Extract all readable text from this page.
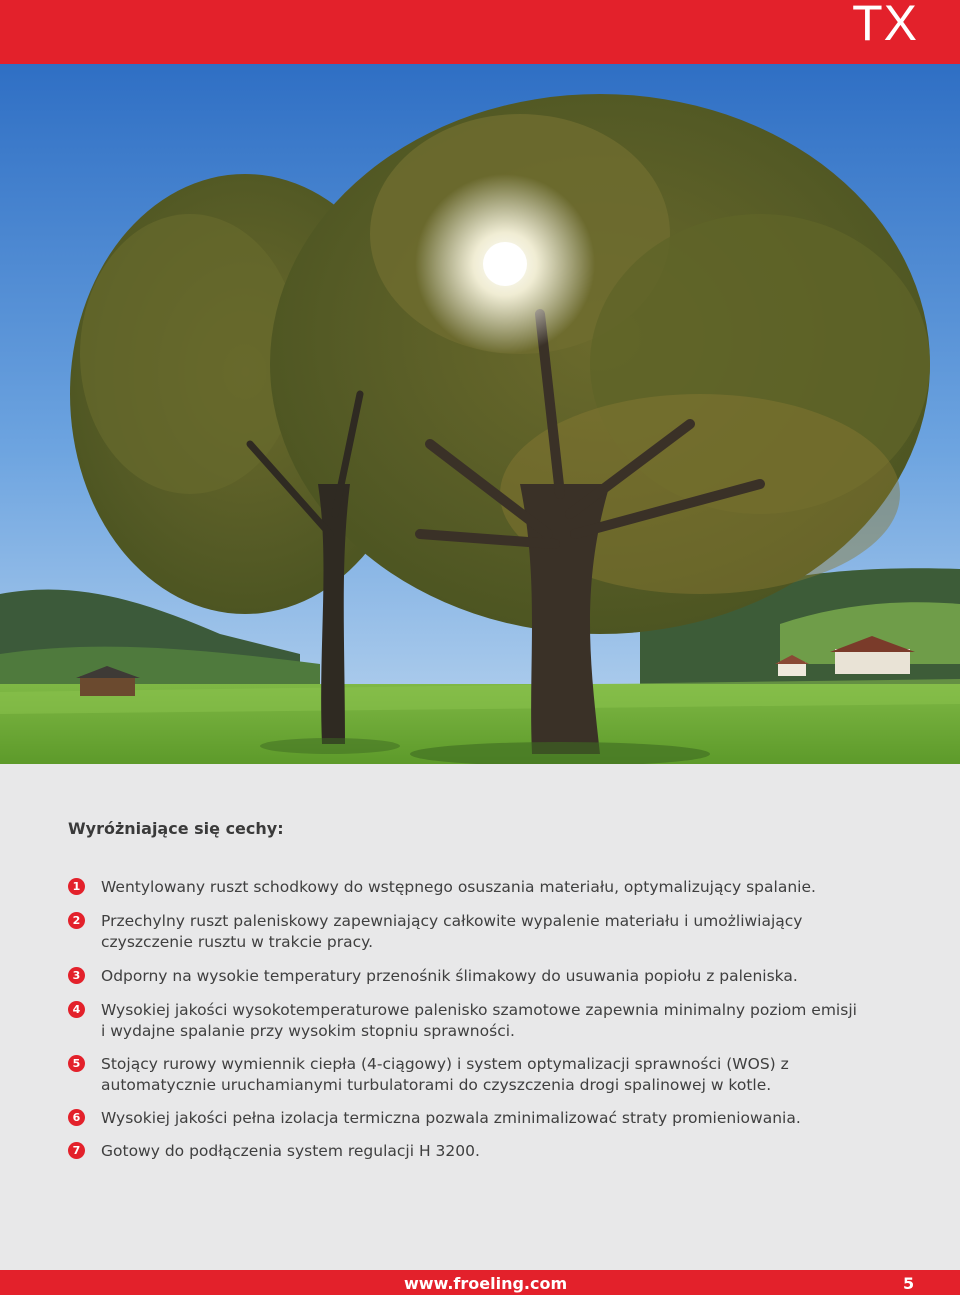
TX
Wyróżniające się cechy:
1	Wentylowany ruszt schodkowy do wstępnego osuszania materiału, optymalizujący spalanie.
2	Przechylny ruszt paleniskowy zapewniający całkowite wypalenie materiału i umożliwiający czyszczenie rusztu w trakcie pracy.
3	Odporny na wysokie temperatury przenośnik ślimakowy do usuwania popiołu z paleniska.
4	Wysokiej jakości wysokotemperaturowe palenisko szamotowe zapewnia minimalny poziom emisji i wydajne spalanie przy wysokim stopniu sprawności.
5	Stojący rurowy wymiennik ciepła (4-ciągowy) i system optymalizacji sprawności (WOS) z automatycznie uruchamianymi turbulatorami do czyszczenia drogi spalinowej w kotle.
6	Wysokiej jakości pełna izolacja termiczna pozwala zminimalizować straty promieniowania.
7	Gotowy do podłączenia system regulacji H 3200.
www.froeling.com	5
